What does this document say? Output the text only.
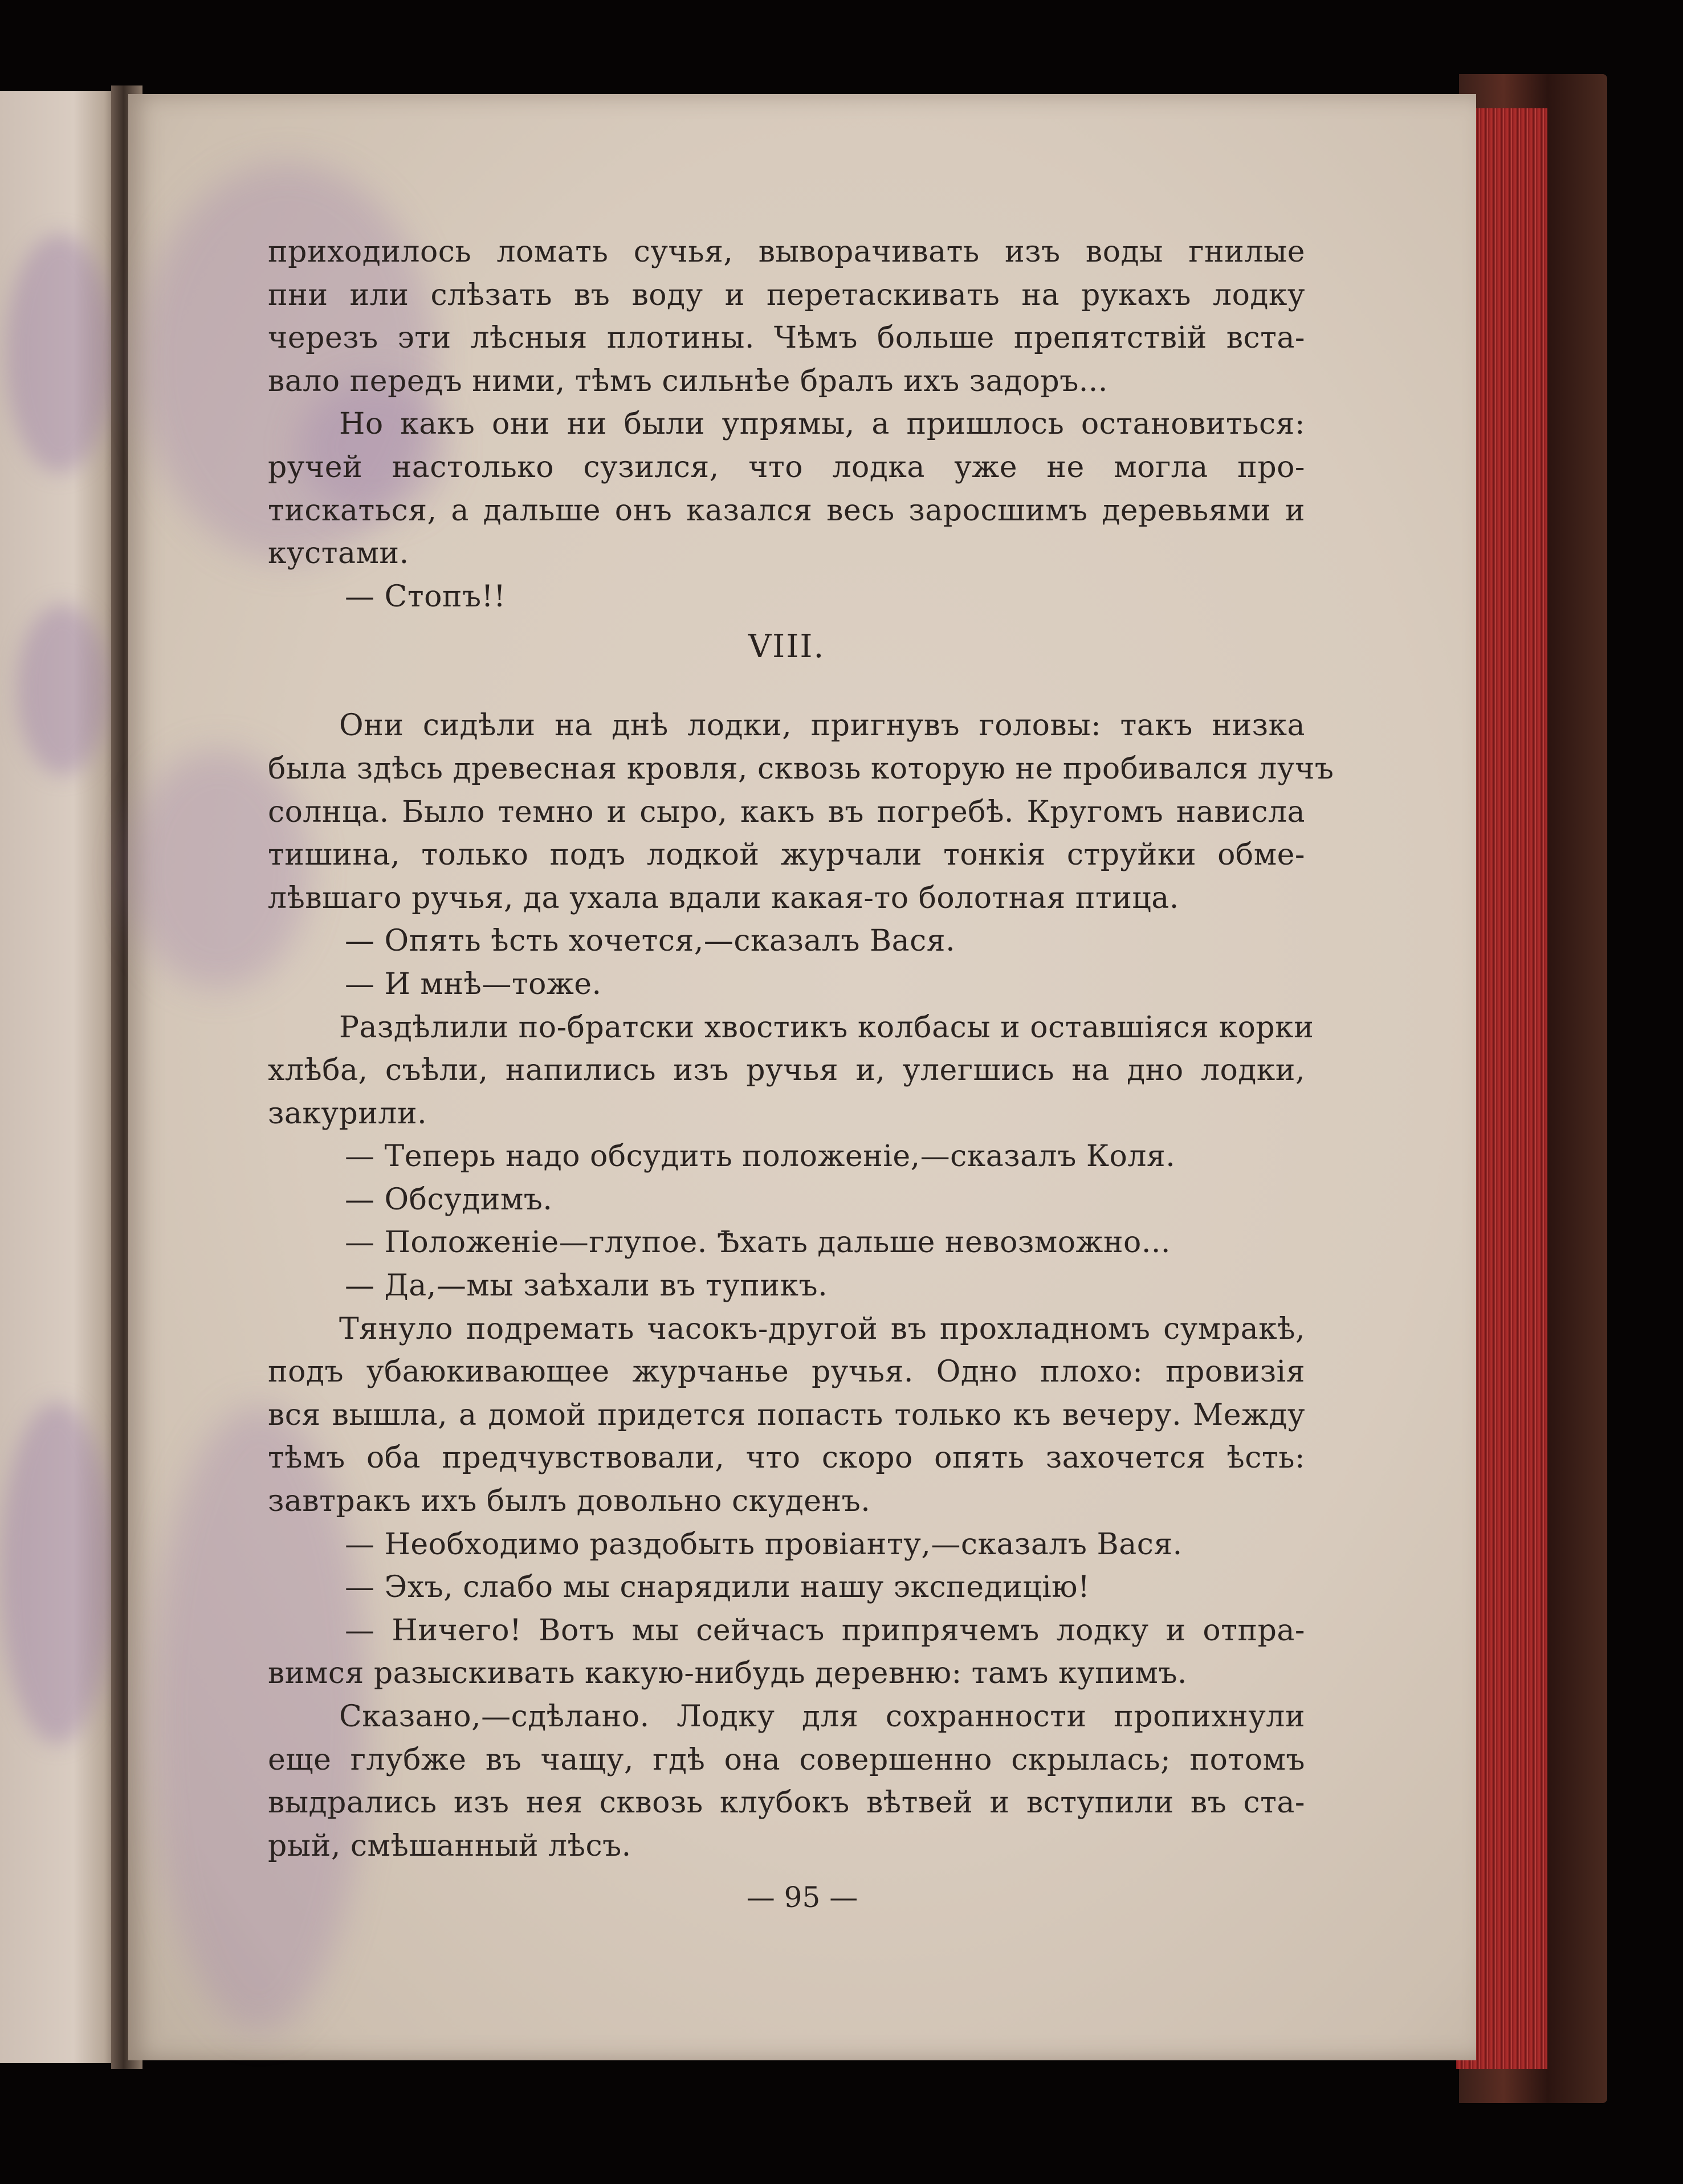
приходилось ломать сучья, выворачивать изъ воды гнилые
пни или слѣзать въ воду и перетаскивать на рукахъ лодку
черезъ эти лѣсныя плотины. Чѣмъ больше препятствій вста-
вало передъ ними, тѣмъ сильнѣе бралъ ихъ задоръ...
Но какъ они ни были упрямы, а пришлось остановиться:
ручей настолько сузился, что лодка уже не могла про-
тискаться, а дальше онъ казался весь заросшимъ деревьями и
кустами.
— Стопъ!!
VIII.
Они сидѣли на днѣ лодки, пригнувъ головы: такъ низка
была здѣсь древесная кровля, сквозь которую не пробивался лучъ
солнца. Было темно и сыро, какъ въ погребѣ. Кругомъ нависла
тишина, только подъ лодкой журчали тонкія струйки обме-
лѣвшаго ручья, да ухала вдали какая-то болотная птица.
— Опять ѣсть хочется,—сказалъ Вася.
— И мнѣ—тоже.
Раздѣлили по-братски хвостикъ колбасы и оставшіяся корки
хлѣба, съѣли, напились изъ ручья и, улегшись на дно лодки,
закурили.
— Теперь надо обсудить положеніе,—сказалъ Коля.
— Обсудимъ.
— Положеніе—глупое. Ѣхать дальше невозможно...
— Да,—мы заѣхали въ тупикъ.
Тянуло подремать часокъ-другой въ прохладномъ сумракѣ,
подъ убаюкивающее журчанье ручья. Одно плохо: провизія
вся вышла, а домой придется попасть только къ вечеру. Между
тѣмъ оба предчувствовали, что скоро опять захочется ѣсть:
завтракъ ихъ былъ довольно скуденъ.
— Необходимо раздобыть провіанту,—сказалъ Вася.
— Эхъ, слабо мы снарядили нашу экспедицію!
— Ничего! Вотъ мы сейчасъ припрячемъ лодку и отпра-
вимся разыскивать какую-нибудь деревню: тамъ купимъ.
Сказано,—сдѣлано. Лодку для сохранности пропихнули
еще глубже въ чащу, гдѣ она совершенно скрылась; потомъ
выдрались изъ нея сквозь клубокъ вѣтвей и вступили въ ста-
рый, смѣшанный лѣсъ.
— 95 —
